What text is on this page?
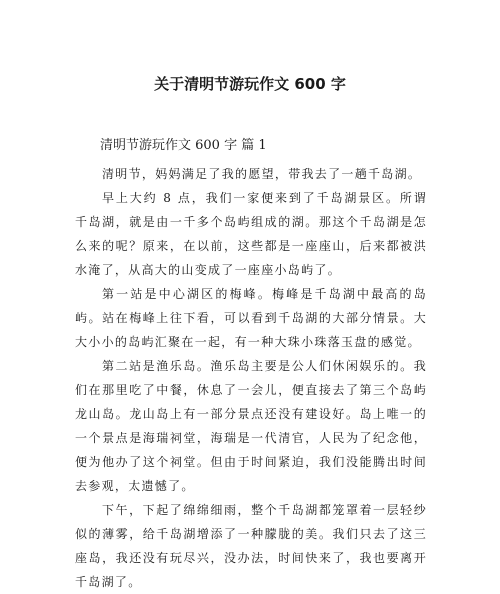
关于清明节游玩作文 600 字
清明节游玩作文 600 字 篇 1

清明节，妈妈满足了我的愿望，带我去了一趟千岛湖。

早上大约 8 点，我们一家便来到了千岛湖景区。所谓千岛湖，就是由一千多个岛屿组成的湖。那这个千岛湖是怎么来的呢？原来，在以前，这些都是一座座山，后来都被洪水淹了，从高大的山变成了一座座小岛屿了。

第一站是中心湖区的梅峰。梅峰是千岛湖中最高的岛屿。站在梅峰上往下看，可以看到千岛湖的大部分情景。大大小小的岛屿汇聚在一起，有一种大珠小珠落玉盘的感觉。

第二站是渔乐岛。渔乐岛主要是公人们休闲娱乐的。我们在那里吃了中餐，休息了一会儿，便直接去了第三个岛屿龙山岛。龙山岛上有一部分景点还没有建设好。岛上唯一的一个景点是海瑞祠堂，海瑞是一代清官，人民为了纪念他，便为他办了这个祠堂。但由于时间紧迫，我们没能腾出时间去参观，太遗憾了。

下午，下起了绵绵细雨，整个千岛湖都笼罩着一层轻纱似的薄雾，给千岛湖增添了一种朦胧的美。我们只去了这三座岛，我还没有玩尽兴，没办法，时间快来了，我也要离开千岛湖了。
